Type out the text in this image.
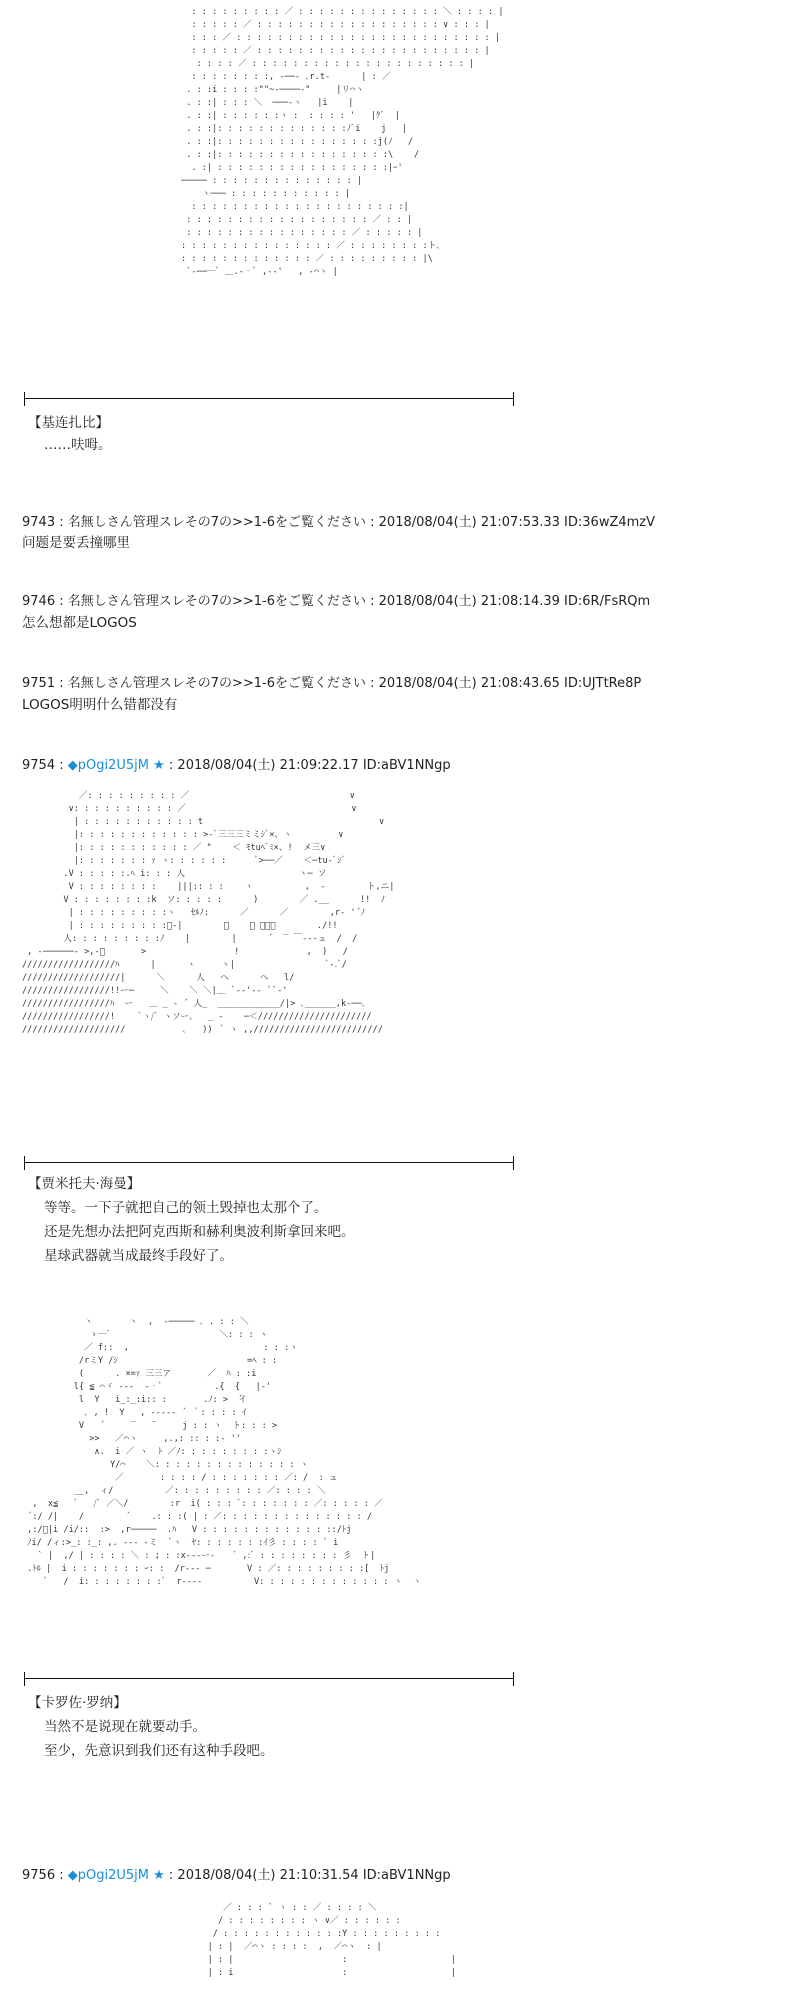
: : : : : : : : : ／ : : : : : : : : : : : : : : ＼ : : : : |
: : : : : ／ : : : : : : : : : : : : : : : : : : ∨ : : : |
: : : ／ : : : : : : : : : : : : : : : : : : : : : : : : : |
: : : : : ／ : : : : : : : : : : : : : : : : : : : : : : |
: : : : ／ : : : : : : : : : : : : : : : : : : : : : |
: : : : : : : :, -──- ､r.t-      | : ／
. : :i : : : :""~‐────‐"     |リ⌒ヽ
. : :| : : : ＼  ───‐ヽ   |i    |
. : :| : : : : : :ヽ :  : : : : '   |ｸﾞ  |
. : :|: : : : : : : : : : : : :ﾉﾞi    j   |
. : :|: : : : : : : : : : : : : : : :j(ﾉ   /
. : :|: : : : : : : : : : : : : : : : :\    /
. :| : : : : : : : : : : : : : : : : :|ｰ'
───── : : : : : : : : : : : : : : |
ヽ─── : : : : : : : : : : : |
: : : : : : : : : : : : : : : : : : : : :|
: : : : : : : : : : : : : : : : : : ／ : : |
: : : : : : : : : : : : : : : : ／ : : : : : |
: : : : : : : : : : : : : : : ／ : : : : : : : :ト､
: : : : : : : : : : : : : ／ : : : : : : : : : |\
`‐───ﾞ ＿.-‐ﾞ ,‐‐'   , ‐⌒ヽ |
【基连扎比】
……呋呣。
9743 : 名無しさん管理スレその7の>>1-6をご覧ください : 2018/08/04(土) 21:07:53.33 ID:36wZ4mzV
问题是要丢撞哪里
9746 : 名無しさん管理スレその7の>>1-6をご覧ください : 2018/08/04(土) 21:08:14.39 ID:6R/FsRQm
怎么想都是LOGOS
9751 : 名無しさん管理スレその7の>>1-6をご覧ください : 2018/08/04(土) 21:08:43.65 ID:UJTtRe8P
LOGOS明明什么错都没有
9754 : ◆pOgi2U5jM ★ : 2018/08/04(土) 21:09:22.17 ID:aBV1NNgp
／: : : : : : : : : ／                               ∨
∨: : : : : : : : : : ／                                ∨
| : : : : : : : : : : : t                                  ∨
|: : : : : : : : : : : : >-ﾞ三三三ミミｼﾞ×、ヽ         ∨
|: : : : : : : : : : : ／ "    ＜ ﾓtuﾍﾞﾐ×、!  メ三∨
|: : : : : : : ｧ ヽ: : : : : :      ﾞ>──／    ＜─tu‐ﾞｼﾞ
.V : : : : :.ﾍ i: : : 人                      ヽ─ ソ
V : : : : : : : :    |||:: : :    ヽ          ,  -        ト,ニ|
V : : : : : : : :k  ソ: : : : :      )        ／ .__      !!  ﾉ
| : : : : : : : : :ヽ   ｾﾙﾉ:      ／      ／        ,r‐ '´ﾉ
| : : : : : : : : :ﾟ‐|        ／    ／ ＿＿＿        ./!!
人: : : : : : : : :ﾉ    |        |      ´  ‾ ￣‐‐‐ュ  /  /
, -──────- >,-ﾞ       >                 !             ,  )   /
//////////////////ﾊ      |      ヽ     ヽ|                  ﾞ‐.ﾞ/
///////////////////|      ＼      人   ヘ      ヘ   l/
/////////////////!!ー─     ＼    ＼ ＼|＿ `‐‐'‐‐ ``‐'
/////////////////ﾊ  ー   ＿ _ - ´ 人_  ____________/|> ､______,k‐──､
/////////////////!     ﾞヽ/ﾞ ヽソー、  _ -    ─＜//////////////////////
////////////////////           ､   ))  ﾞ ヽ ,,/////////////////////////
【贾米托夫·海曼】
等等。一下子就把自己的领土毁掉也太那个了。
还是先想办法把阿克西斯和赫利奥波利斯拿回来吧。
星球武器就当成最终手段好了。
ヽ       ヽ  ,  -───── ､ . : : ＼
ゝ─ﾞ                     ＼: : : ヽ
／ f::  ,                          : : :ヽ
/rミY /ｼ                         =ﾍ : :
(      . ×=ｧ 三三ア       ／  ﾊ : :i
l{ ≦ ⌒ヾ ‐‐‐  ‐‐ﾞ          .{  {   |‐'
l  Y   i_:_:i:: :       .ﾉ: >  ̄イ
､ , !  Y   , ‐‐‐‐‐ ´ ｀: : : : ｲ
V   ´     ‾   ¨     j : : ヽ  ト: : : >
>>   ／⌒ヽ     ,.,: :: : :‐ ''
∧.  i ／ ヽ  ﾄ ／ﾉ: : : : : : : : :ヽｼ
Y/⌒    ＼: : : : : : : : : : : : : : ヽ
／       : : : : / : : : : : : : ／: /  : ュ
__,  ィ/          ／: : : : : : : : : ／: : : : ＼
,  x≦   ﾞ   /ﾞ ／＼/        :r  i( : : : ﾞ: : : : : : : ／: : : : : ／
´:/ /|    /        ´    .: : :( | : ／: : : : : : : : : : : : : : /
,:/ﾟ|i /i/::  :>  ,r─────  .ﾊ   V : : : : : : : : : : : : ::/ﾄj
ﾉi/ /ィ:>_: :_: ,. ‐‐‐ -ミ  `ヽ  ﾔ: : : : : : :ｲ彡 : : : : ` i
` |  ,/ | : : : : ＼ : ; : :x‐‐‐ー‐    ﾞ ,:ﾞ : : : : : : : : 彡  ト|
.ﾄﾙ |  i : : : : : : : ｰ: :  /r‐‐‐ ─       V : ／: : : : : : : : :[  ﾄj
`   /  i: : : : : : : :ﾞ  r‐‐‐‐          V: : : : : : : : : : : : : ヽ  ヽ
【卡罗佐·罗纳】
当然不是说现在就要动手。
至少，先意识到我们还有这种手段吧。
9756 : ◆pOgi2U5jM ★ : 2018/08/04(土) 21:10:31.54 ID:aBV1NNgp
／ : : : ` ヽ : : ／ : : : : ＼
/ : : : : : : : : ヽ ∨／ : : : : : :
/ : : : : : : : : : : : :Y : : : : : : : : :
| : |  ／⌒ヽ : : : :  ,  ／⌒ヽ  : |
| : |                     :                    |
| : i                     :                    |
